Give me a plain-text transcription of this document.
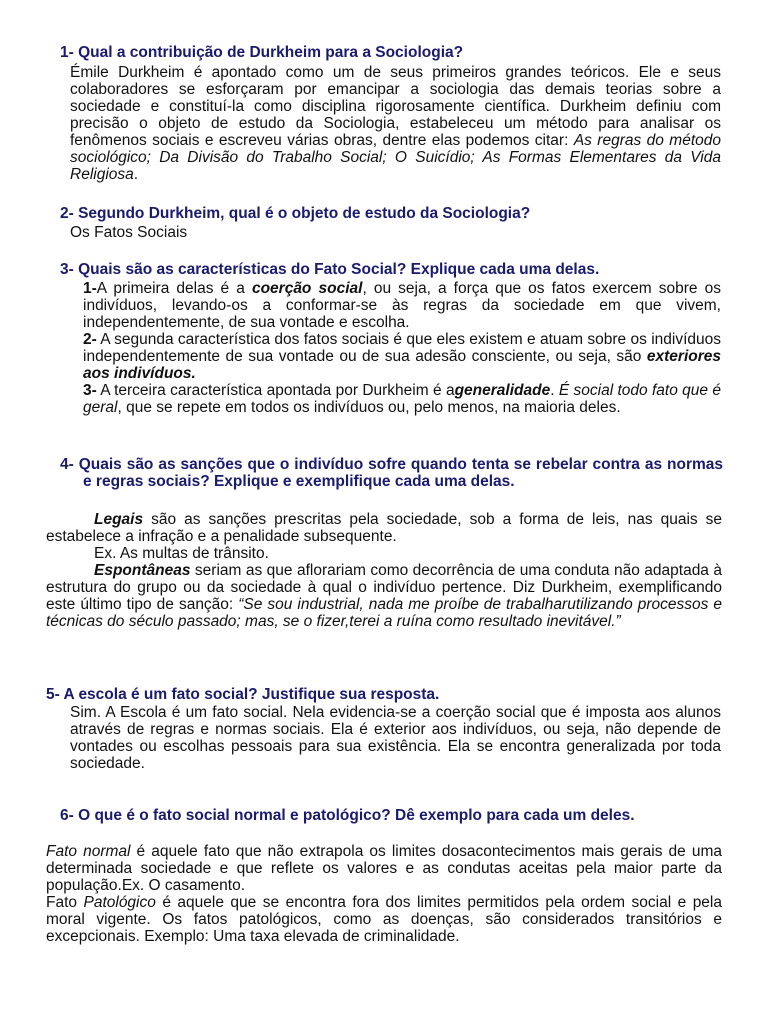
1- Qual a contribuição de Durkheim para a Sociologia?
Émile Durkheim é apontado como um de seus primeiros grandes teóricos. Ele e seus colaboradores se esforçaram por emancipar a sociologia das demais teorias sobre a sociedade e constituí-la como disciplina rigorosamente científica. Durkheim definiu com precisão o objeto de estudo da Sociologia, estabeleceu um método para analisar os fenômenos sociais e escreveu várias obras, dentre elas podemos citar: As regras do método sociológico; Da Divisão do Trabalho Social; O Suicídio; As Formas Elementares da Vida Religiosa.
2- Segundo Durkheim, qual é o objeto de estudo da Sociologia?
Os Fatos Sociais
3- Quais são as características do Fato Social? Explique cada uma delas.
1-A primeira delas é a coerção social, ou seja, a força que os fatos exercem sobre os indivíduos, levando-os a conformar-se às regras da sociedade em que vivem, independentemente, de sua vontade e escolha.
2- A segunda característica dos fatos sociais é que eles existem e atuam sobre os indivíduos independentemente de sua vontade ou de sua adesão consciente, ou seja, são exteriores aos indivíduos.
3- A terceira característica apontada por Durkheim é ageneralidade. É social todo fato que é geral, que se repete em todos os indivíduos ou, pelo menos, na maioria deles.
4- Quais são as sanções que o indivíduo sofre quando tenta se rebelar contra as normas e regras sociais? Explique e exemplifique cada uma delas.
Legais são as sanções prescritas pela sociedade, sob a forma de leis, nas quais se estabelece a infração e a penalidade subsequente.
Ex. As multas de trânsito.
Espontâneas seriam as que aflorariam como decorrência de uma conduta não adaptada à estrutura do grupo ou da sociedade à qual o indivíduo pertence. Diz Durkheim, exemplificando este último tipo de sanção: “Se sou industrial, nada me proíbe de trabalharutilizando processos e técnicas do século passado; mas, se o fizer,terei a ruína como resultado inevitável.”
5- A escola é um fato social? Justifique sua resposta.
Sim. A Escola é um fato social. Nela evidencia-se a coerção social que é imposta aos alunos através de regras e normas sociais. Ela é exterior aos indivíduos, ou seja, não depende de vontades ou escolhas pessoais para sua existência. Ela se encontra generalizada por toda sociedade.
6- O que é o fato social normal e patológico? Dê exemplo para cada um deles.
Fato normal é aquele fato que não extrapola os limites dosacontecimentos mais gerais de uma determinada sociedade e que reflete os valores e as condutas aceitas pela maior parte da população.Ex. O casamento.
Fato Patológico é aquele que se encontra fora dos limites permitidos pela ordem social e pela moral vigente. Os fatos patológicos, como as doenças, são considerados transitórios e excepcionais. Exemplo: Uma taxa elevada de criminalidade.
